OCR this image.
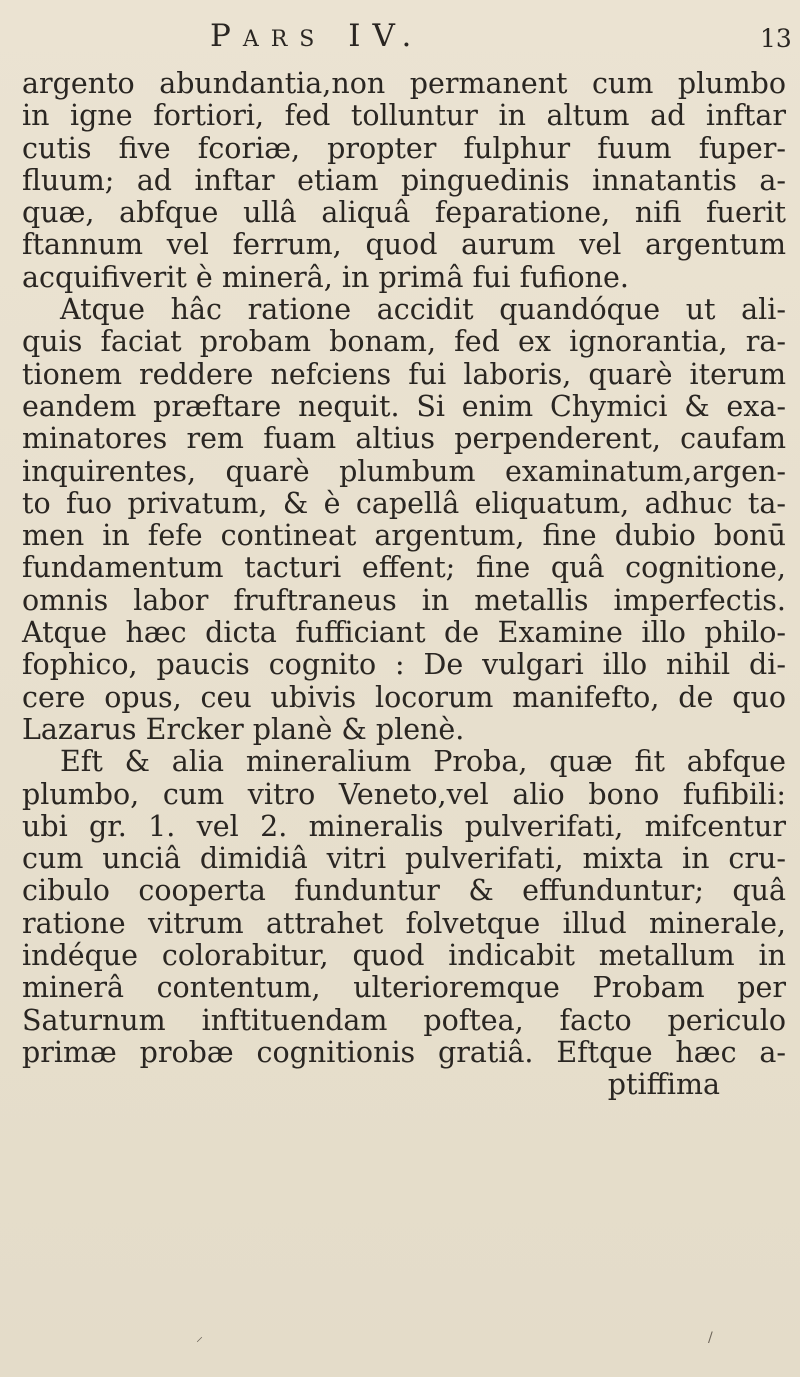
Pars IV.	13
argento abundantia,non permanent cum plumbo
in igne fortiori, fed tolluntur in altum ad inftar
cutis five fcoriæ, propter fulphur fuum fuper-
fluum; ad inftar etiam pinguedinis innatantis a-
quæ, abfque ullâ aliquâ feparatione, nifi fuerit
ftannum vel ferrum, quod aurum vel argentum
acquifiverit è minerâ, in primâ fui fufione.
Atque hâc ratione accidit quandóque ut ali-
quis faciat probam bonam, fed ex ignorantia, ra-
tionem reddere nefciens fui laboris, quarè iterum
eandem præftare nequit. Si enim Chymici & exa-
minatores rem fuam altius perpenderent, caufam
inquirentes, quarè plumbum examinatum,argen-
to fuo privatum, & è capellâ eliquatum, adhuc ta-
men in fefe contineat argentum, fine dubio bonū
fundamentum tacturi effent; fine quâ cognitione,
omnis labor fruftraneus in metallis imperfectis.
Atque hæc dicta fufficiant de Examine illo philo-
fophico, paucis cognito : De vulgari illo nihil di-
cere opus, ceu ubivis locorum manifefto, de quo
Lazarus Ercker planè & plenè.
Eft & alia mineralium Proba, quæ fit abfque
plumbo, cum vitro Veneto,vel alio bono fufibili:
ubi gr. 1. vel 2. mineralis pulverifati, mifcentur
cum unciâ dimidiâ vitri pulverifati, mixta in cru-
cibulo cooperta funduntur & effunduntur; quâ
ratione vitrum attrahet folvetque illud minerale,
indéque colorabitur, quod indicabit metallum in
minerâ contentum, ulterioremque Probam per
Saturnum inftituendam poftea, facto periculo
primæ probæ cognitionis gratiâ. Eftque hæc a-
ptiffima
⸝	/
